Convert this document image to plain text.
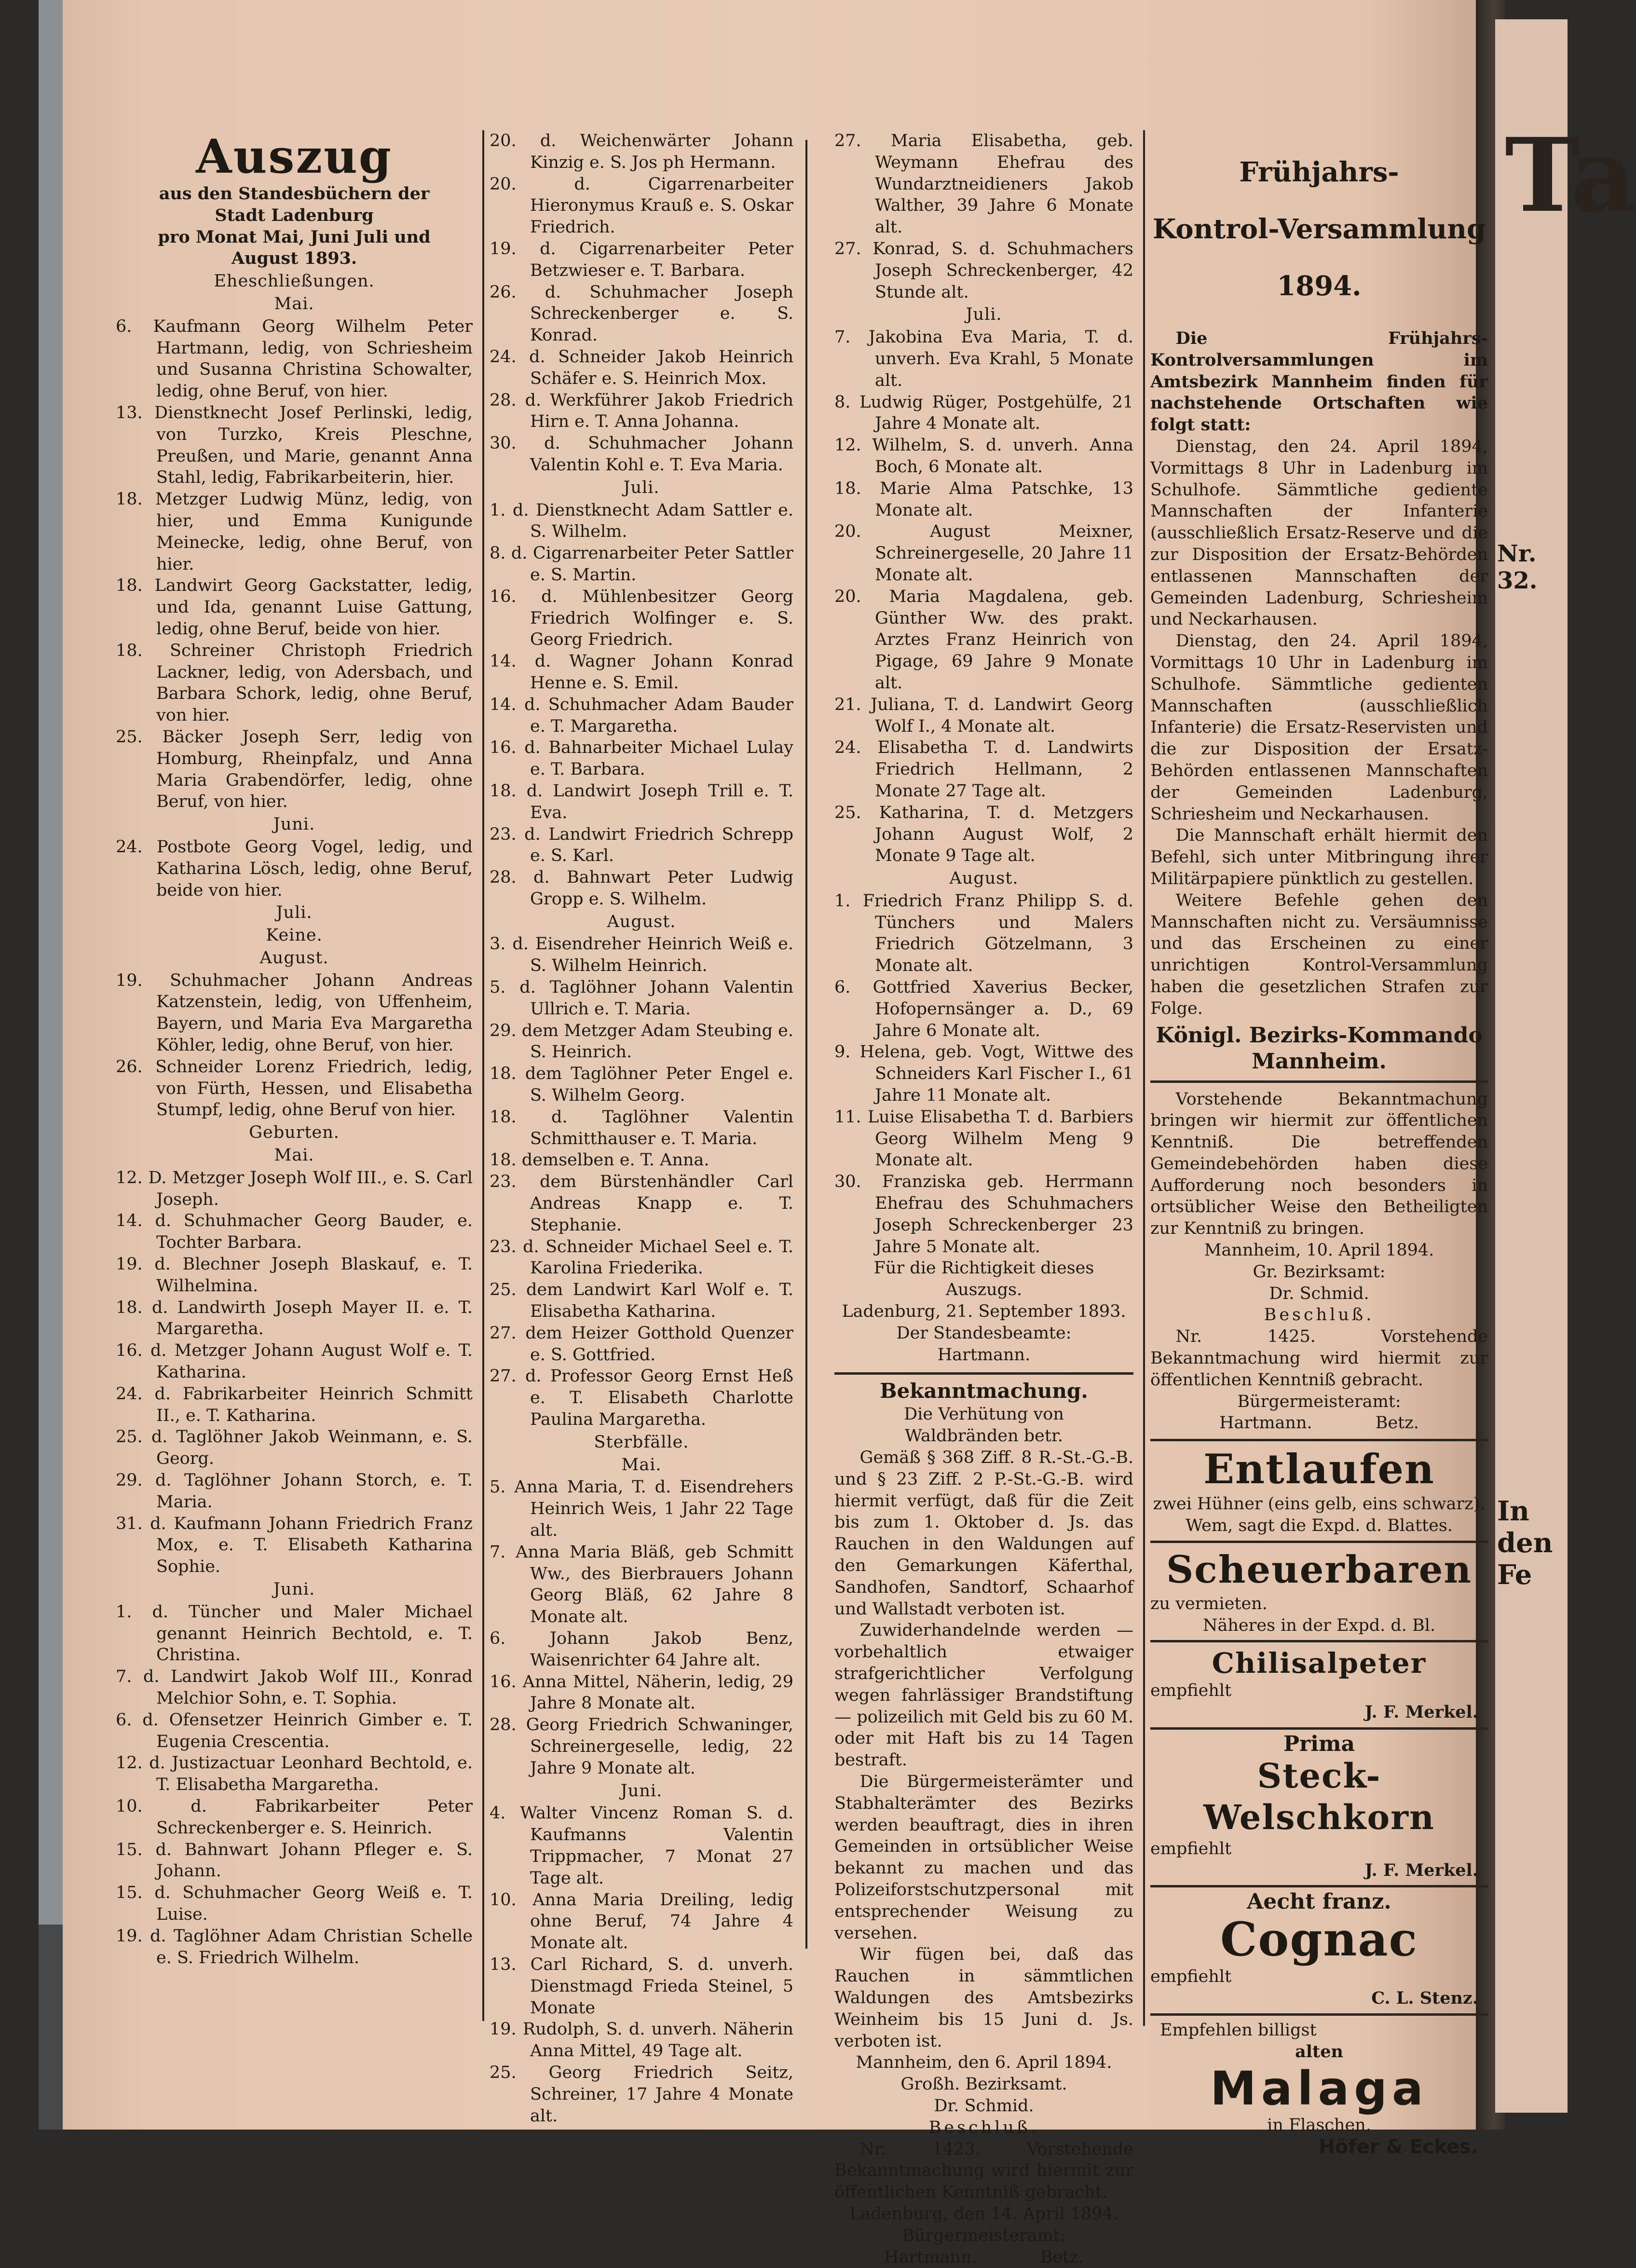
Ta
Nr. 32.
In den Fe
Auszug

aus den Standesbüchern der

Stadt Ladenburg

pro Monat Mai, Juni Juli und

August 1893.

Eheschließungen.

Mai.

6. Kaufmann Georg Wilhelm Peter Hartmann, ledig, von Schriesheim und Susanna Christina Schowalter, ledig, ohne Beruf, von hier.

13. Dienstknecht Josef Perlinski, ledig, von Turzko, Kreis Pleschne, Preußen, und Marie, genannt Anna Stahl, ledig, Fabrikarbeiterin, hier.

18. Metzger Ludwig Münz, ledig, von hier, und Emma Kunigunde Meinecke, ledig, ohne Beruf, von hier.

18. Landwirt Georg Gackstatter, ledig, und Ida, genannt Luise Gattung, ledig, ohne Beruf, beide von hier.

18. Schreiner Christoph Friedrich Lackner, ledig, von Adersbach, und Barbara Schork, ledig, ohne Beruf, von hier.

25. Bäcker Joseph Serr, ledig von Homburg, Rheinpfalz, und Anna Maria Grabendörfer, ledig, ohne Beruf, von hier.

Juni.

24. Postbote Georg Vogel, ledig, und Katharina Lösch, ledig, ohne Beruf, beide von hier.

Juli.

Keine.

August.

19. Schuhmacher Johann Andreas Katzenstein, ledig, von Uffenheim, Bayern, und Maria Eva Margaretha Köhler, ledig, ohne Beruf, von hier.

26. Schneider Lorenz Friedrich, ledig, von Fürth, Hessen, und Elisabetha Stumpf, ledig, ohne Beruf von hier.

Geburten.

Mai.

12. D. Metzger Joseph Wolf III., e. S. Carl Joseph.

14. d. Schuhmacher Georg Bauder, e. Tochter Barbara.

19. d. Blechner Joseph Blaskauf, e. T. Wilhelmina.

18. d. Landwirth Joseph Mayer II. e. T. Margaretha.

16. d. Metzger Johann August Wolf e. T. Katharina.

24. d. Fabrikarbeiter Heinrich Schmitt II., e. T. Katharina.

25. d. Taglöhner Jakob Weinmann, e. S. Georg.

29. d. Taglöhner Johann Storch, e. T. Maria.

31. d. Kaufmann Johann Friedrich Franz Mox, e. T. Elisabeth Katharina Sophie.

Juni.

1. d. Tüncher und Maler Michael genannt Heinrich Bechtold, e. T. Christina.

7. d. Landwirt Jakob Wolf III., Konrad Melchior Sohn, e. T. Sophia.

6. d. Ofensetzer Heinrich Gimber e. T. Eugenia Crescentia.

12. d. Justizactuar Leonhard Bechtold, e. T. Elisabetha Margaretha.

10. d. Fabrikarbeiter Peter Schreckenberger e. S. Heinrich.

15. d. Bahnwart Johann Pfleger e. S. Johann.

15. d. Schuhmacher Georg Weiß e. T. Luise.

19. d. Taglöhner Adam Christian Schelle e. S. Friedrich Wilhelm.

20. d. Weichenwärter Johann Kinzig e. S. Jos ph Hermann.

20. d. Cigarrenarbeiter Hieronymus Krauß e. S. Oskar Friedrich.

19. d. Cigarrenarbeiter Peter Betzwieser e. T. Barbara.

26. d. Schuhmacher Joseph Schreckenberger e. S. Konrad.

24. d. Schneider Jakob Heinrich Schäfer e. S. Heinrich Mox.

28. d. Werkführer Jakob Friedrich Hirn e. T. Anna Johanna.

30. d. Schuhmacher Johann Valentin Kohl e. T. Eva Maria.

Juli.

1. d. Dienstknecht Adam Sattler e. S. Wilhelm.

8. d. Cigarrenarbeiter Peter Sattler e. S. Martin.

16. d. Mühlenbesitzer Georg Friedrich Wolfinger e. S. Georg Friedrich.

14. d. Wagner Johann Konrad Henne e. S. Emil.

14. d. Schuhmacher Adam Bauder e. T. Margaretha.

16. d. Bahnarbeiter Michael Lulay e. T. Barbara.

18. d. Landwirt Joseph Trill e. T. Eva.

23. d. Landwirt Friedrich Schrepp e. S. Karl.

28. d. Bahnwart Peter Ludwig Gropp e. S. Wilhelm.

August.

3. d. Eisendreher Heinrich Weiß e. S. Wilhelm Heinrich.

5. d. Taglöhner Johann Valentin Ullrich e. T. Maria.

29. dem Metzger Adam Steubing e. S. Heinrich.

18. dem Taglöhner Peter Engel e. S. Wilhelm Georg.

18. d. Taglöhner Valentin Schmitthauser e. T. Maria.

18. demselben e. T. Anna.

23. dem Bürstenhändler Carl Andreas Knapp e. T. Stephanie.

23. d. Schneider Michael Seel e. T. Karolina Friederika.

25. dem Landwirt Karl Wolf e. T. Elisabetha Katharina.

27. dem Heizer Gotthold Quenzer e. S. Gottfried.

27. d. Professor Georg Ernst Heß e. T. Elisabeth Charlotte Paulina Margaretha.

Sterbfälle.

Mai.

5. Anna Maria, T. d. Eisendrehers Heinrich Weis, 1 Jahr 22 Tage alt.

7. Anna Maria Bläß, geb Schmitt Ww., des Bierbrauers Johann Georg Bläß, 62 Jahre 8 Monate alt.

6. Johann Jakob Benz, Waisenrichter 64 Jahre alt.

16. Anna Mittel, Näherin, ledig, 29 Jahre 8 Monate alt.

28. Georg Friedrich Schwaninger, Schreinergeselle, ledig, 22 Jahre 9 Monate alt.

Juni.

4. Walter Vincenz Roman S. d. Kaufmanns Valentin Trippmacher, 7 Monat 27 Tage alt.

10. Anna Maria Dreiling, ledig ohne Beruf, 74 Jahre 4 Monate alt.

13. Carl Richard, S. d. unverh. Dienstmagd Frieda Steinel, 5 Monate

19. Rudolph, S. d. unverh. Näherin Anna Mittel, 49 Tage alt.

25. Georg Friedrich Seitz, Schreiner, 17 Jahre 4 Monate alt.

27. Maria Elisabetha, geb. Weymann Ehefrau des Wundarztneidieners Jakob Walther, 39 Jahre 6 Monate alt.

27. Konrad, S. d. Schuhmachers Joseph Schreckenberger, 42 Stunde alt.

Juli.

7. Jakobina Eva Maria, T. d. unverh. Eva Krahl, 5 Monate alt.

8. Ludwig Rüger, Postgehülfe, 21 Jahre 4 Monate alt.

12. Wilhelm, S. d. unverh. Anna Boch, 6 Monate alt.

18. Marie Alma Patschke, 13 Monate alt.

20. August Meixner, Schreinergeselle, 20 Jahre 11 Monate alt.

20. Maria Magdalena, geb. Günther Ww. des prakt. Arztes Franz Heinrich von Pigage, 69 Jahre 9 Monate alt.

21. Juliana, T. d. Landwirt Georg Wolf I., 4 Monate alt.

24. Elisabetha T. d. Landwirts Friedrich Hellmann, 2 Monate 27 Tage alt.

25. Katharina, T. d. Metzgers Johann August Wolf, 2 Monate 9 Tage alt.

August.

1. Friedrich Franz Philipp S. d. Tünchers und Malers Friedrich Götzelmann, 3 Monate alt.

6. Gottfried Xaverius Becker, Hofopernsänger a. D., 69 Jahre 6 Monate alt.

9. Helena, geb. Vogt, Wittwe des Schneiders Karl Fischer I., 61 Jahre 11 Monate alt.

11. Luise Elisabetha T. d. Barbiers Georg Wilhelm Meng 9 Monate alt.

30. Franziska geb. Herrmann Ehefrau des Schuhmachers Joseph Schreckenberger 23 Jahre 5 Monate alt.

Für die Richtigkeit dieses Auszugs.

Ladenburg, 21. September 1893.

Der Standesbeamte:

Hartmann.

Bekanntmachung.

Die Verhütung von Waldbränden betr.

Gemäß § 368 Ziff. 8 R.-St.-G.-B. und § 23 Ziff. 2 P.-St.-G.-B. wird hiermit verfügt, daß für die Zeit bis zum 1. Oktober d. Js. das Rauchen in den Waldungen auf den Gemarkungen Käferthal, Sandhofen, Sandtorf, Schaarhof und Wallstadt verboten ist.

Zuwiderhandelnde werden — vorbehaltlich etwaiger strafgerichtlicher Verfolgung wegen fahrlässiger Brandstiftung — polizeilich mit Geld bis zu 60 M. oder mit Haft bis zu 14 Tagen bestraft.

Die Bürgermeisterämter und Stabhalterämter des Bezirks werden beauftragt, dies in ihren Gemeinden in ortsüblicher Weise bekannt zu machen und das Polizeiforstschutzpersonal mit entsprechender Weisung zu versehen.

Wir fügen bei, daß das Rauchen in sämmtlichen Waldungen des Amtsbezirks Weinheim bis 15 Juni d. Js. verboten ist.

Mannheim, den 6. April 1894.

Großh. Bezirksamt.

Dr. Schmid.

Beschluß.

Nr. 1423. Vorstehende Bekanntmachung wird hiermit zur öffentlichen Kenntniß gebracht.

Ladenburg, den 14. April 1894.

Bürgermeisteramt:

Hartmann.	Betz.

Frühjahrs-

Kontrol-Versammlung

1894.

Die Frühjahrs-Kontrolversammlungen im Amtsbezirk Mannheim finden für nachstehende Ortschaften wie folgt statt:

Dienstag, den 24. April 1894, Vormittags 8 Uhr in Ladenburg im Schulhofe. Sämmtliche gediente Mannschaften der Infanterie (ausschließlich Ersatz-Reserve und die zur Disposition der Ersatz-Behörden entlassenen Mannschaften der Gemeinden Ladenburg, Schriesheim und Neckarhausen.

Dienstag, den 24. April 1894, Vormittags 10 Uhr in Ladenburg im Schulhofe. Sämmtliche gedienten Mannschaften (ausschließlich Infanterie) die Ersatz-Reservisten und die zur Disposition der Ersatz-Behörden entlassenen Mannschaften der Gemeinden Ladenburg, Schriesheim und Neckarhausen.

Die Mannschaft erhält hiermit den Befehl, sich unter Mitbringung ihrer Militärpapiere pünktlich zu gestellen.

Weitere Befehle gehen den Mannschaften nicht zu. Versäumnisse und das Erscheinen zu einer unrichtigen Kontrol-Versammlung haben die gesetzlichen Strafen zur Folge.

Königl. Bezirks-Kommando

Mannheim.

Vorstehende Bekanntmachung bringen wir hiermit zur öffentlichen Kenntniß. Die betreffenden Gemeindebehörden haben diese Aufforderung noch besonders in ortsüblicher Weise den Betheiligten zur Kenntniß zu bringen.

Mannheim, 10. April 1894.

Gr. Bezirksamt:

Dr. Schmid.

Beschluß.

Nr. 1425. Vorstehende Bekanntmachung wird hiermit zur öffentlichen Kenntniß gebracht.

Bürgermeisteramt:

Hartmann.	Betz.

Entlaufen

zwei Hühner (eins gelb, eins schwarz). Wem, sagt die Expd. d. Blattes.

Scheuerbaren

zu vermieten.

Näheres in der Expd. d. Bl.

Chilisalpeter

empfiehlt

J. F. Merkel.

Prima

Steck-Welschkorn

empfiehlt

J. F. Merkel.

Aecht franz.

Cognac

empfiehlt

C. L. Stenz.

Empfehlen billigst

alten

Malaga

in Flaschen.

Höfer & Eckes.
